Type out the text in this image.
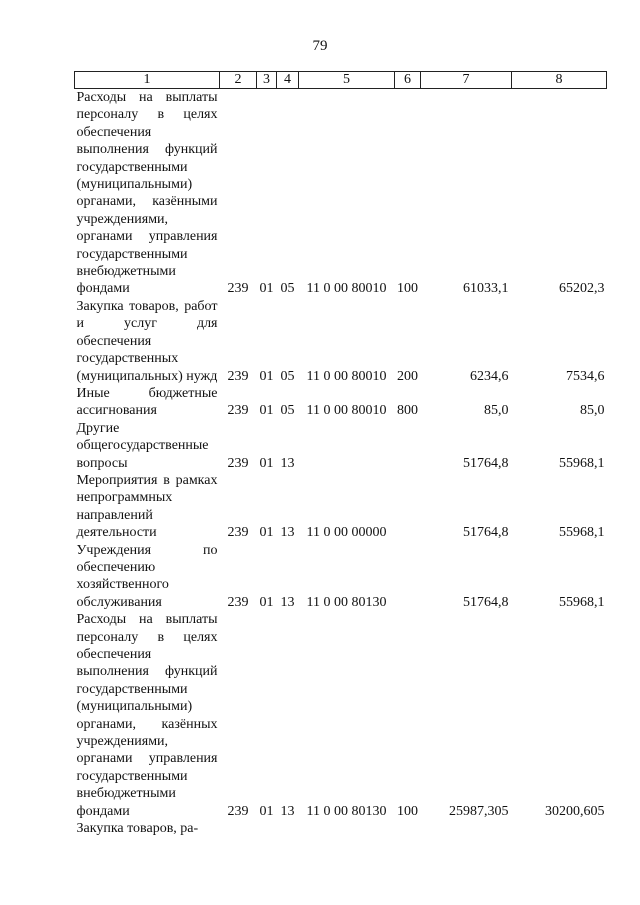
79
1	2	3	4	5	6	7	8
Расходы на выплаты персоналу в целях обеспечения выполнения функций государственными (муниципальными) органами, казёнными учреждениями, органами управления государственными внебюджетными фондами	239	01	05	11 0 00 80010	100	61033,1	65202,3
Закупка товаров, работ и услуг для обеспечения государственных (муниципальных) нужд	239	01	05	11 0 00 80010	200	6234,6	7534,6
Иные бюджетные ассигнования	239	01	05	11 0 00 80010	800	85,0	85,0
Другие общегосударственные вопросы	239	01	13			51764,8	55968,1
Мероприятия в рамках непрограммных направлений деятельности	239	01	13	11 0 00 00000		51764,8	55968,1
Учреждения по обеспечению хозяйственного обслуживания	239	01	13	11 0 00 80130		51764,8	55968,1
Расходы на выплаты персоналу в целях обеспечения выполнения функций государственными (муниципальными) органами, казённых учреждениями, органами управления государственными внебюджетными фондами	239	01	13	11 0 00 80130	100	25987,305	30200,605
Закупка товаров, ра-							
